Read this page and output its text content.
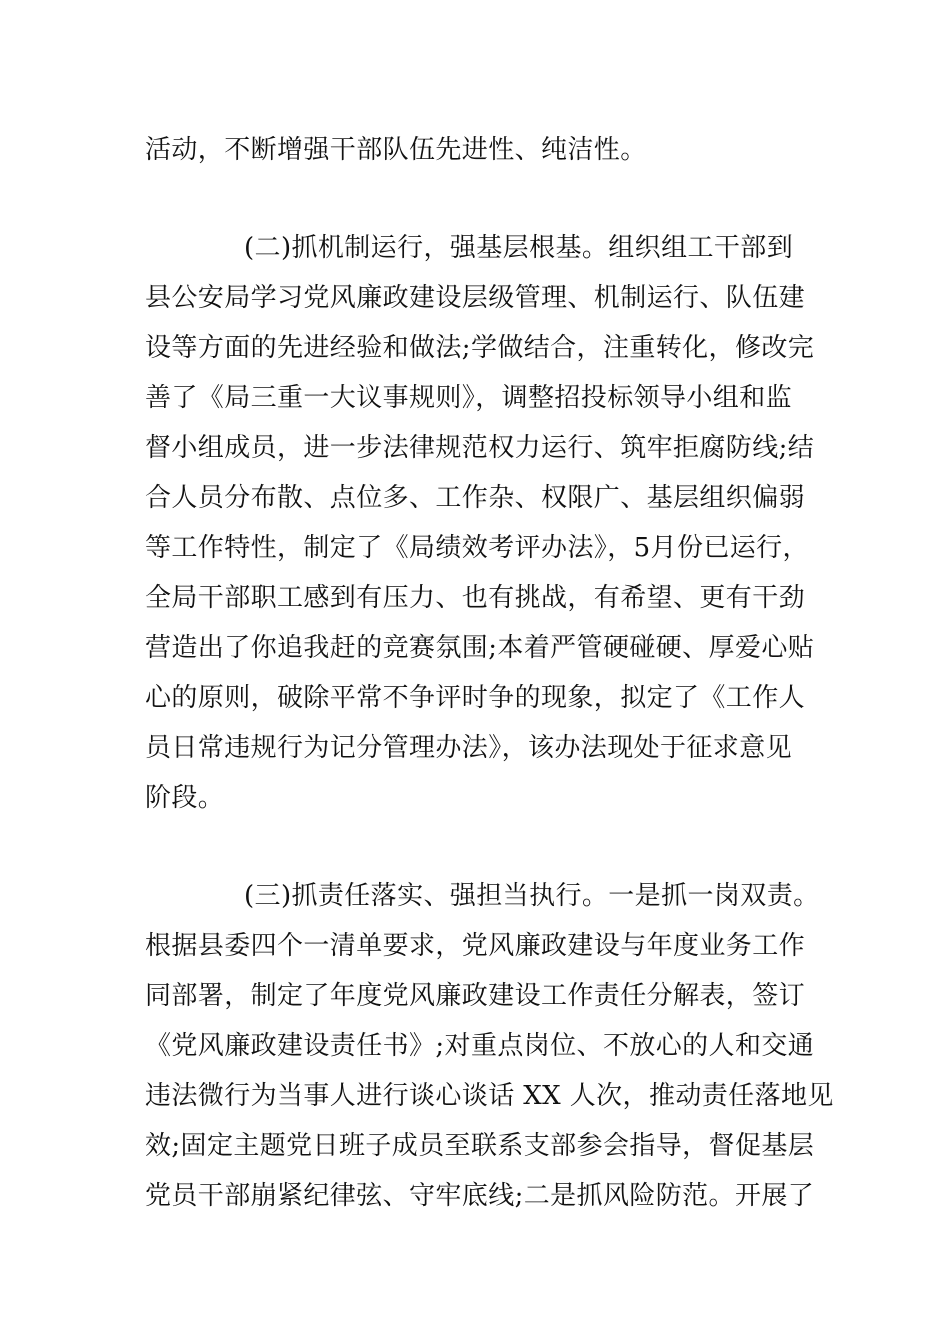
活动，不断增强干部队伍先进性、纯洁性。
(二)抓机制运行，强基层根基。组织组工干部到
县公安局学习党风廉政建设层级管理、机制运行、队伍建
设等方面的先进经验和做法;学做结合，注重转化，修改完
善了《局三重一大议事规则》，调整招投标领导小组和监
督小组成员，进一步法律规范权力运行、筑牢拒腐防线;结
合人员分布散、点位多、工作杂、权限广、基层组织偏弱
等工作特性，制定了《局绩效考评办法》，5月份已运行，
全局干部职工感到有压力、也有挑战，有希望、更有干劲
营造出了你追我赶的竞赛氛围;本着严管硬碰硬、厚爱心贴
心的原则，破除平常不争评时争的现象，拟定了《工作人
员日常违规行为记分管理办法》，该办法现处于征求意见
阶段。
(三)抓责任落实、强担当执行。一是抓一岗双责。
根据县委四个一清单要求，党风廉政建设与年度业务工作
同部署，制定了年度党风廉政建设工作责任分解表，签订
《党风廉政建设责任书》;对重点岗位、不放心的人和交通
违法微行为当事人进行谈心谈话 XX 人次，推动责任落地见
效;固定主题党日班子成员至联系支部参会指导，督促基层
党员干部崩紧纪律弦、守牢底线;二是抓风险防范。开展了
